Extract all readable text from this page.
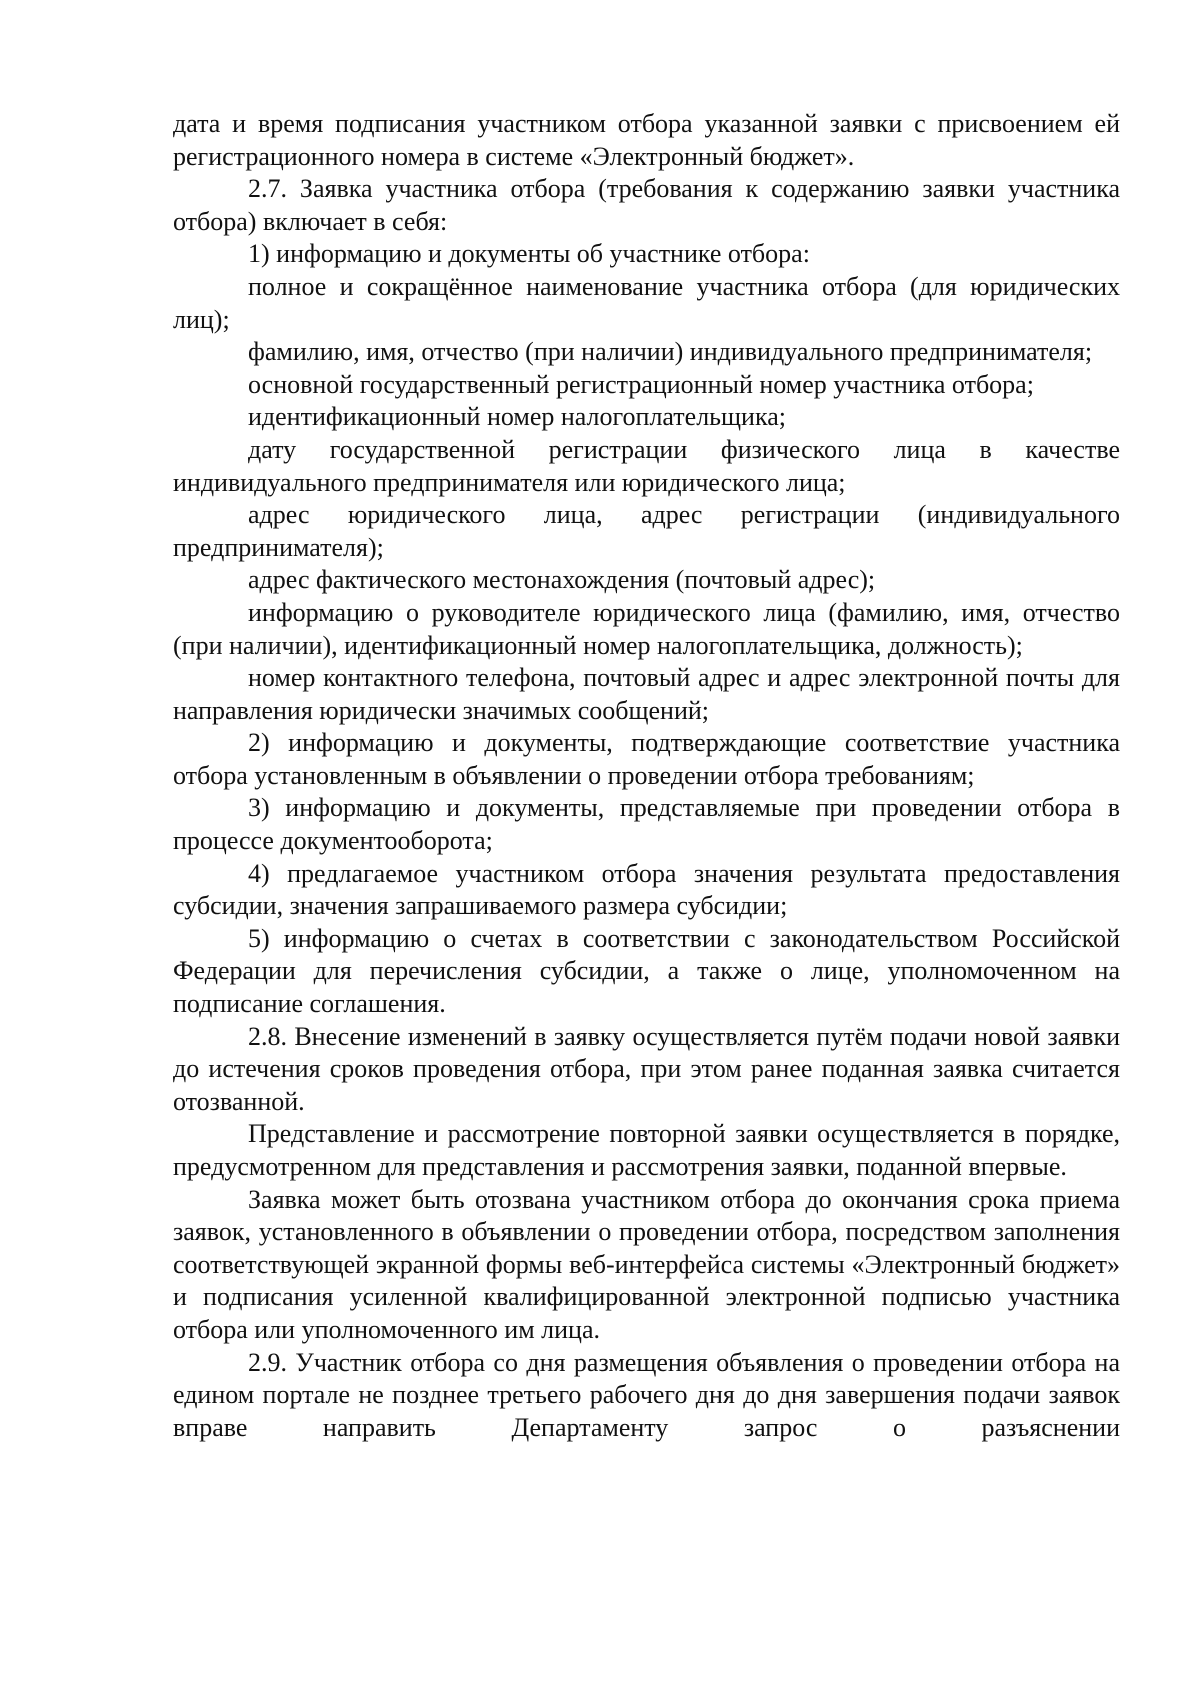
дата и время подписания участником отбора указанной заявки с присвоением ей регистрационного номера в системе «Электронный бюджет».

2.7. Заявка участника отбора (требования к содержанию заявки участника отбора) включает в себя:

1) информацию и документы об участнике отбора:

полное и сокращённое наименование участника отбора (для юридических лиц);

фамилию, имя, отчество (при наличии) индивидуального предпринимателя;

основной государственный регистрационный номер участника отбора;

идентификационный номер налогоплательщика;

дату государственной регистрации физического лица в качестве индивидуального предпринимателя или юридического лица;

адрес юридического лица, адрес регистрации (индивидуального предпринимателя);

адрес фактического местонахождения (почтовый адрес);

информацию о руководителе юридического лица (фамилию, имя, отчество (при наличии), идентификационный номер налогоплательщика, должность);

номер контактного телефона, почтовый адрес и адрес электронной почты для направления юридически значимых сообщений;

2) информацию и документы, подтверждающие соответствие участника отбора установленным в объявлении о проведении отбора требованиям;

3) информацию и документы, представляемые при проведении отбора в процессе документооборота;

4) предлагаемое участником отбора значения результата предоставления субсидии, значения запрашиваемого размера субсидии;

5) информацию о счетах в соответствии с законодательством Российской Федерации для перечисления субсидии, а также о лице, уполномоченном на подписание соглашения.

2.8. Внесение изменений в заявку осуществляется путём подачи новой заявки до истечения сроков проведения отбора, при этом ранее поданная заявка считается отозванной.

Представление и рассмотрение повторной заявки осуществляется в порядке, предусмотренном для представления и рассмотрения заявки, поданной впервые.

Заявка может быть отозвана участником отбора до окончания срока приема заявок, установленного в объявлении о проведении отбора, посредством заполнения соответствующей экранной формы веб-интерфейса системы «Электронный бюджет» и подписания усиленной квалифицированной электронной подписью участника отбора или уполномоченного им лица.

2.9. Участник отбора со дня размещения объявления о проведении отбора на едином портале не позднее третьего рабочего дня до дня завершения подачи заявок вправе направить Департаменту запрос о разъяснении
